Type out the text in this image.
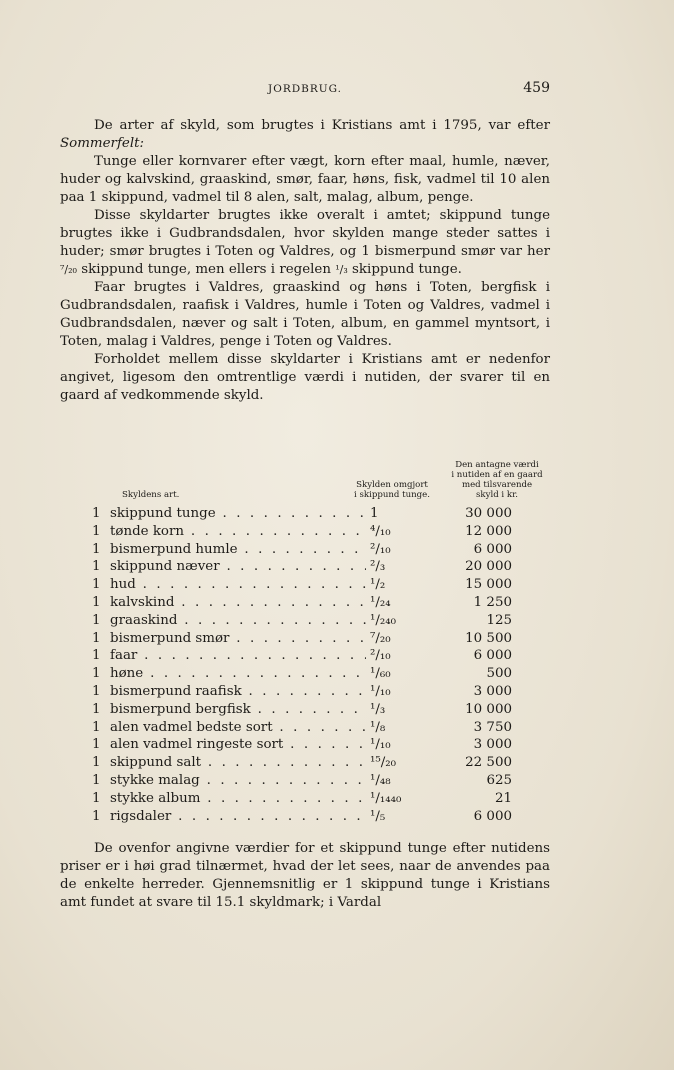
JORDBRUG.	459

De arter af skyld, som brugtes i Kristians amt i 1795, var efter Sommerfelt:

Tunge eller kornvarer efter vægt, korn efter maal, humle, næver, huder og kalvskind, graaskind, smør, faar, høns, fisk, vadmel til 10 alen paa 1 skippund, vadmel til 8 alen, salt, malag, album, penge.

Disse skyldarter brugtes ikke overalt i amtet; skippund tunge brugtes ikke i Gudbrandsdalen, hvor skylden mange steder sattes i huder; smør brugtes i Toten og Valdres, og 1 bismerpund smør var her ⁷/₂₀ skippund tunge, men ellers i regelen ¹/₃ skippund tunge.

Faar brugtes i Valdres, graaskind og høns i Toten, bergfisk i Gudbrandsdalen, raafisk i Valdres, humle i Toten og Valdres, vadmel i Gudbrandsdalen, næver og salt i Toten, album, en gammel myntsort, i Toten, malag i Valdres, penge i Toten og Valdres.

Forholdet mellem disse skyldarter i Kristians amt er nedenfor angivet, ligesom den omtrentlige værdi i nutiden, der svarer til en gaard af vedkommende skyld.

Skyldens art.
Skylden omgjort
i skippund tunge.
Den antagne værdi
i nutiden af en gaard
med tilsvarende
skyld i kr.
1 skippund tunge . . .	1	30 000
1 tønde korn . . .	⁴/₁₀	12 000
1 bismerpund humle . . .	²/₁₀	6 000
1 skippund næver . . .	²/₃	20 000
1 hud . . .	¹/₂	15 000
1 kalvskind . . .	¹/₂₄	1 250
1 graaskind . . .	¹/₂₄₀	125
1 bismerpund smør . . .	⁷/₂₀	10 500
1 faar . . .	²/₁₀	6 000
1 høne . . .	¹/₆₀	500
1 bismerpund raafisk . . .	¹/₁₀	3 000
1 bismerpund bergfisk . . .	¹/₃	10 000
1 alen vadmel bedste sort . . .	¹/₈	3 750
1 alen vadmel ringeste sort . . .	¹/₁₀	3 000
1 skippund salt . . .	¹⁵/₂₀	22 500
1 stykke malag . . .	¹/₄₈	625
1 stykke album . . .	¹/₁₄₄₀	21
1 rigsdaler . . .	¹/₅	6 000

De ovenfor angivne værdier for et skippund tunge efter nutidens priser er i høi grad tilnærmet, hvad der let sees, naar de anvendes paa de enkelte herreder. Gjennemsnitlig er 1 skippund tunge i Kristians amt fundet at svare til 15.1 skyldmark; i Vardal
